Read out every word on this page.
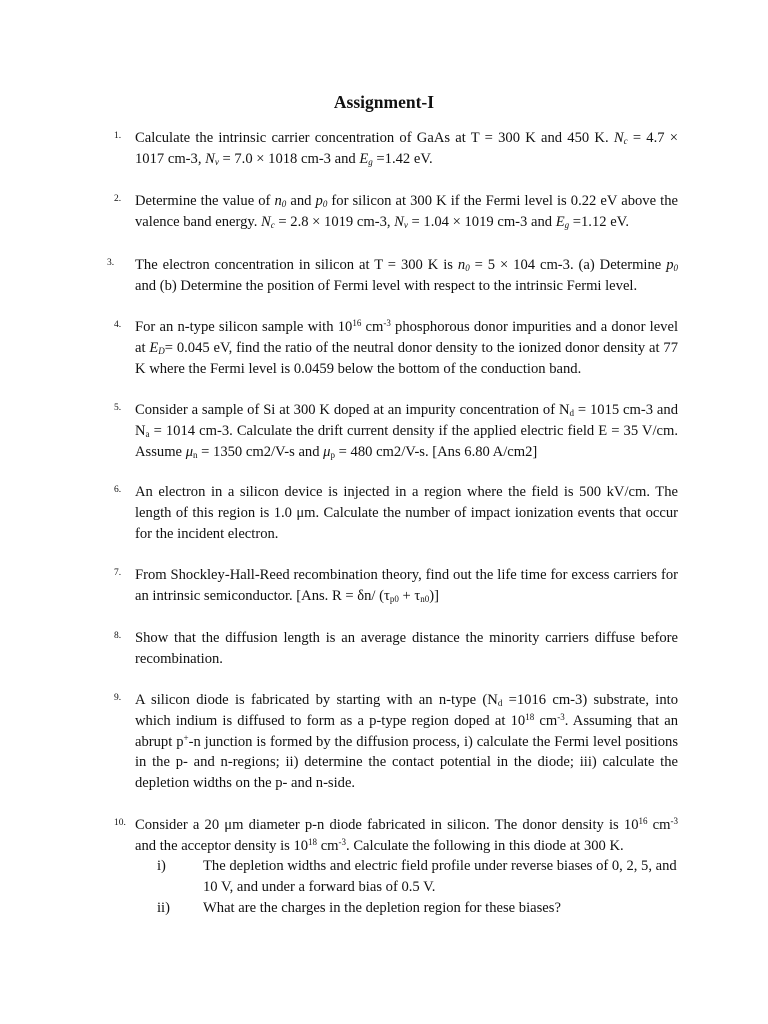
Assignment-I
1. Calculate the intrinsic carrier concentration of GaAs at T = 300 K and 450 K. $N_c = 4.7 \times 1017$ cm-3, $N_v = 7.0 \times 1018$ cm-3 and $E_g =1.42$ eV.
2. Determine the value of $n_0$ and $p_0$ for silicon at 300 K if the Fermi level is 0.22 eV above the valence band energy. $N_c = 2.8 \times 1019$ cm-3, $N_v = 1.04 \times 1019$ cm-3 and $E_g =1.12$ eV.
3. The electron concentration in silicon at T = 300 K is $n_0 = 5 \times 104$ cm-3. (a) Determine $p_0$ and (b) Determine the position of Fermi level with respect to the intrinsic Fermi level.
4. For an n-type silicon sample with $10^{16}$ $cm^{-3}$ phosphorous donor impurities and a donor level at $E_D= 0.045$ eV, find the ratio of the neutral donor density to the ionized donor density at 77 K where the Fermi level is 0.0459 below the bottom of the conduction band.
5. Consider a sample of Si at 300 K doped at an impurity concentration of $N_d = 1015$ cm-3 and $N_a = 1014$ cm-3. Calculate the drift current density if the applied electric field E = 35 V/cm. Assume $\mu_n = 1350$ cm2/V-s and $\mu_p = 480$ cm2/V-s. [Ans 6.80 A/cm2]
6. An electron in a silicon device is injected in a region where the field is 500 kV/cm. The length of this region is 1.0 μm. Calculate the number of impact ionization events that occur for the incident electron.
7. From Shockley-Hall-Reed recombination theory, find out the life time for excess carriers for an intrinsic semiconductor. [Ans. R = δn/ $(\tau_{p0} + \tau_{n0})$]
8. Show that the diffusion length is an average distance the minority carriers diffuse before recombination.
9. A silicon diode is fabricated by starting with an n-type ($N_d =1016$ cm-3) substrate, into which indium is diffused to form as a p-type region doped at $10^{18}$ $cm^{-3}$. Assuming that an abrupt p+-n junction is formed by the diffusion process, i) calculate the Fermi level positions in the p- and n-regions; ii) determine the contact potential in the diode; iii) calculate the depletion widths on the p- and n-side.
10. Consider a 20 μm diameter p-n diode fabricated in silicon. The donor density is $10^{16}$ $cm^{-3}$ and the acceptor density is $10^{18}$ $cm^{-3}$. Calculate the following in this diode at 300 K.
i)	The depletion widths and electric field profile under reverse biases of 0, 2, 5, and 10 V, and under a forward bias of 0.5 V.
ii) What are the charges in the depletion region for these biases?
